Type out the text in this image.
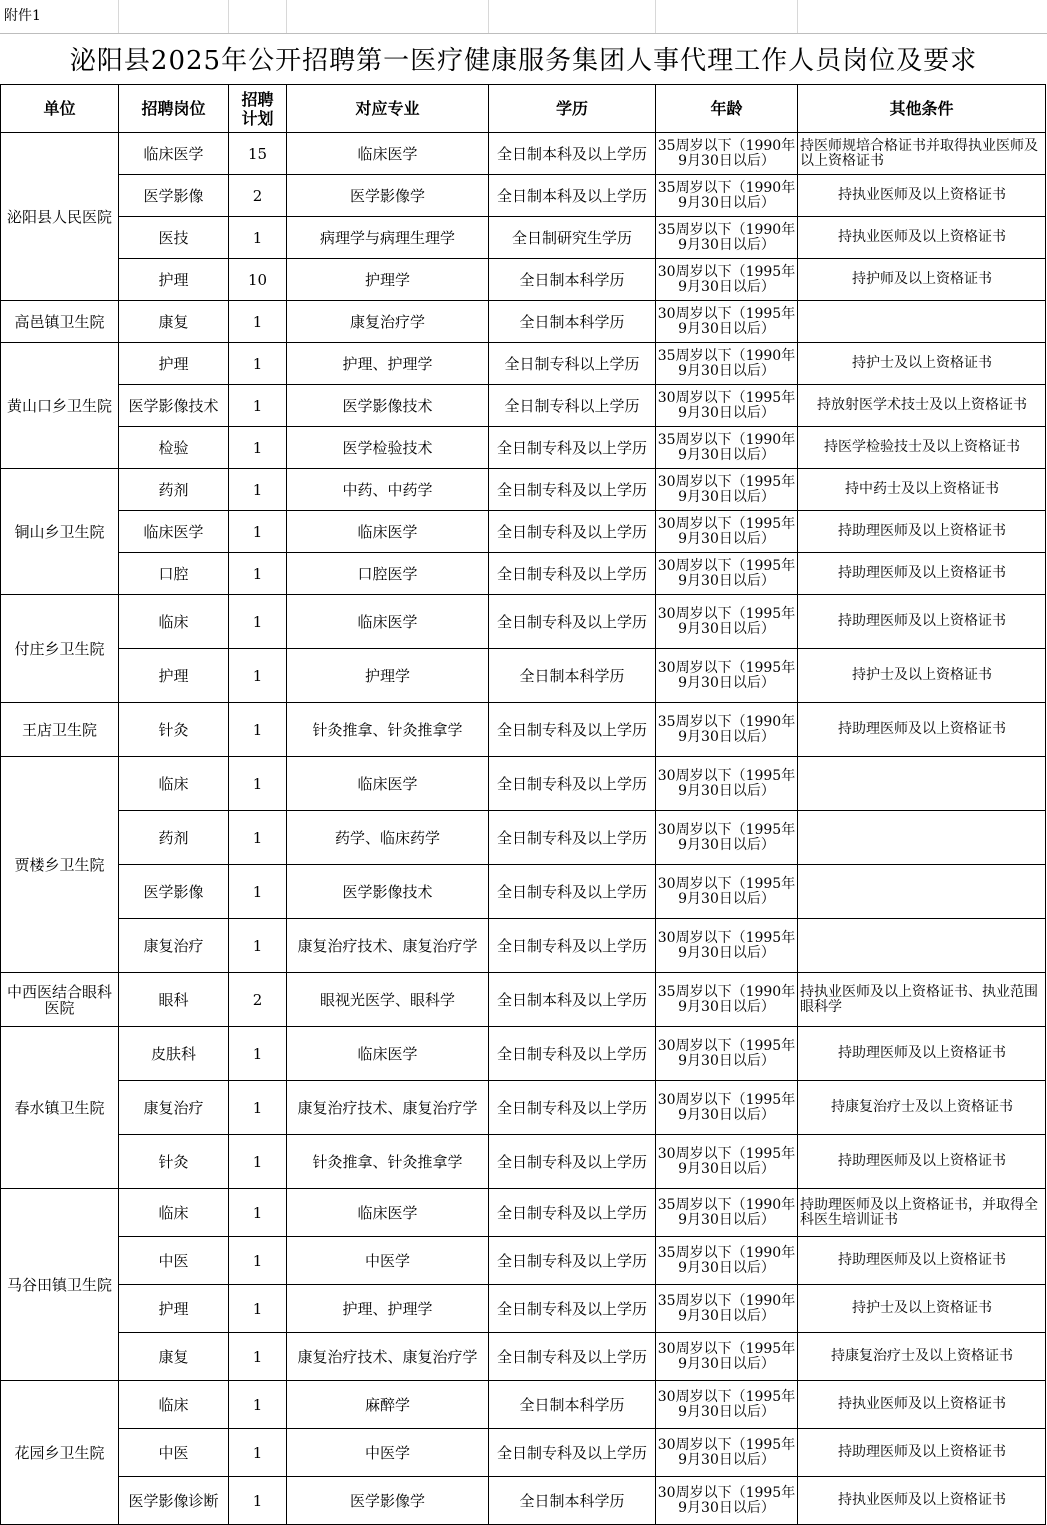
附件1
泌阳县2025年公开招聘第一医疗健康服务集团人事代理工作人员岗位及要求
单位	招聘岗位	招聘计划	对应专业	学历	年龄	其他条件
泌阳县人民医院	临床医学	15	临床医学	全日制本科及以上学历	35周岁以下（1990年9月30日以后）	持医师规培合格证书并取得执业医师及以上资格证书
	医学影像	2	医学影像学	全日制本科及以上学历	35周岁以下（1990年9月30日以后）	持执业医师及以上资格证书
	医技	1	病理学与病理生理学	全日制研究生学历	35周岁以下（1990年9月30日以后）	持执业医师及以上资格证书
	护理	10	护理学	全日制本科学历	30周岁以下（1995年9月30日以后）	持护师及以上资格证书
高邑镇卫生院	康复	1	康复治疗学	全日制本科学历	30周岁以下（1995年9月30日以后）	
黄山口乡卫生院	护理	1	护理、护理学	全日制专科以上学历	35周岁以下（1990年9月30日以后）	持护士及以上资格证书
	医学影像技术	1	医学影像技术	全日制专科以上学历	30周岁以下（1995年9月30日以后）	持放射医学术技士及以上资格证书
	检验	1	医学检验技术	全日制专科及以上学历	35周岁以下（1990年9月30日以后）	持医学检验技士及以上资格证书
铜山乡卫生院	药剂	1	中药、中药学	全日制专科及以上学历	30周岁以下（1995年9月30日以后）	持中药士及以上资格证书
	临床医学	1	临床医学	全日制专科及以上学历	30周岁以下（1995年9月30日以后）	持助理医师及以上资格证书
	口腔	1	口腔医学	全日制专科及以上学历	30周岁以下（1995年9月30日以后）	持助理医师及以上资格证书
付庄乡卫生院	临床	1	临床医学	全日制专科及以上学历	30周岁以下（1995年9月30日以后）	持助理医师及以上资格证书
	护理	1	护理学	全日制本科学历	30周岁以下（1995年9月30日以后）	持护士及以上资格证书
王店卫生院	针灸	1	针灸推拿、针灸推拿学	全日制专科及以上学历	35周岁以下（1990年9月30日以后）	持助理医师及以上资格证书
贾楼乡卫生院	临床	1	临床医学	全日制专科及以上学历	30周岁以下（1995年9月30日以后）	
	药剂	1	药学、临床药学	全日制专科及以上学历	30周岁以下（1995年9月30日以后）	
	医学影像	1	医学影像技术	全日制专科及以上学历	30周岁以下（1995年9月30日以后）	
	康复治疗	1	康复治疗技术、康复治疗学	全日制专科及以上学历	30周岁以下（1995年9月30日以后）	
中西医结合眼科医院	眼科	2	眼视光医学、眼科学	全日制本科及以上学历	35周岁以下（1990年9月30日以后）	持执业医师及以上资格证书、执业范围眼科学
春水镇卫生院	皮肤科	1	临床医学	全日制专科及以上学历	30周岁以下（1995年9月30日以后）	持助理医师及以上资格证书
	康复治疗	1	康复治疗技术、康复治疗学	全日制专科及以上学历	30周岁以下（1995年9月30日以后）	持康复治疗士及以上资格证书
	针灸	1	针灸推拿、针灸推拿学	全日制专科及以上学历	30周岁以下（1995年9月30日以后）	持助理医师及以上资格证书
马谷田镇卫生院	临床	1	临床医学	全日制专科及以上学历	35周岁以下（1990年9月30日以后）	持助理医师及以上资格证书，并取得全科医生培训证书
	中医	1	中医学	全日制专科及以上学历	35周岁以下（1990年9月30日以后）	持助理医师及以上资格证书
	护理	1	护理、护理学	全日制专科及以上学历	35周岁以下（1990年9月30日以后）	持护士及以上资格证书
	康复	1	康复治疗技术、康复治疗学	全日制专科及以上学历	30周岁以下（1995年9月30日以后）	持康复治疗士及以上资格证书
花园乡卫生院	临床	1	麻醉学	全日制本科学历	30周岁以下（1995年9月30日以后）	持执业医师及以上资格证书
	中医	1	中医学	全日制专科及以上学历	30周岁以下（1995年9月30日以后）	持助理医师及以上资格证书
	医学影像诊断	1	医学影像学	全日制本科学历	30周岁以下（1995年9月30日以后）	持执业医师及以上资格证书
